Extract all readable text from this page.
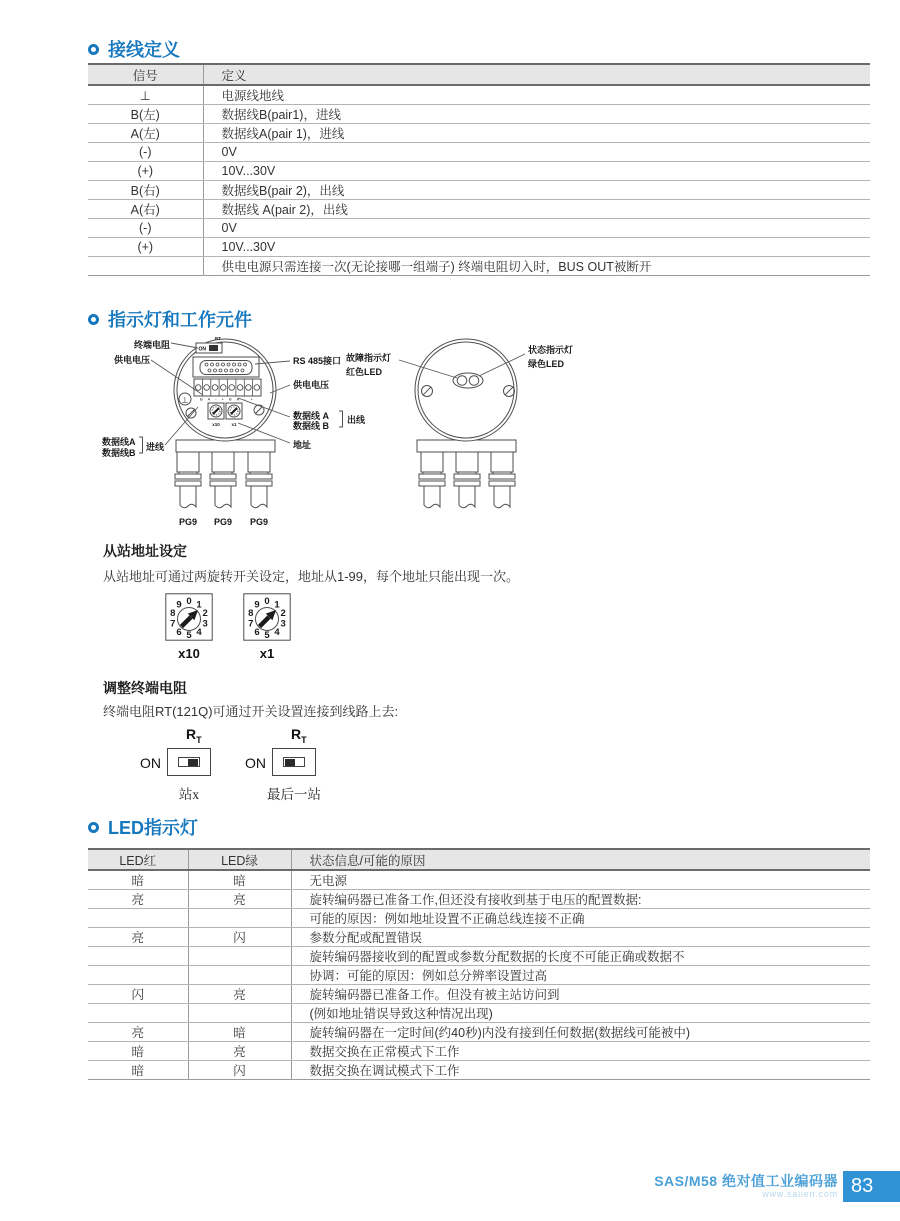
接线定义
信号	定义
⊥	电源线地线
B(左)	数据线B(pair1)，进线
A(左)	数据线A(pair 1)，进线
(-)	0V
(+)	10V...30V
B(右)	数据线B(pair 2)，出线
A(右)	数据线 A(pair 2)，出线
(-)	0V
(+)	10V...30V
	供电电源只需连接一次(无论接哪一组端子) 终端电阻切入时，BUS OUT被断开
指示灯和工作元件
RT
ON
B A - + B A - +
x10	x1
⊥
终端电阻
供电电压	RS 485接口
供电电压
数据线 A
数据线 B
出线
地址
数据线A
数据线B
进线
PG9 PG9 PG9
故障指示灯
红色LED
状态指示灯
绿色LED
从站地址设定
从站地址可通过两旋转开关设定，地址从1-99，每个地址只能出现一次。
0 1
2
3
4
5
6
7
8
9
x10
0 1
2
3
4
5
6
7
8
9
x1
调整终端电阻
终端电阻RT(121Q)可通过开关设置连接到线路上去:
$R_T$
ON
站x
$R_T$
ON
最后一站
LED指示灯
LED红	LED绿	状态信息/可能的原因
暗	暗	无电源
亮	亮	旋转编码器已准备工作,但还没有接收到基于电压的配置数据:
		可能的原因：例如地址设置不正确总线连接不正确
亮	闪	参数分配或配置错误
		旋转编码器接收到的配置或参数分配数据的长度不可能正确或数据不
		协调：可能的原因：例如总分辨率设置过高
闪	亮	旋转编码器已准备工作。但没有被主站访问到
		(例如地址错误导致这种情况出现)
亮	暗	旋转编码器在一定时间(约40秒)内没有接到任何数据(数据线可能被中)
暗	亮	数据交换在正常模式下工作
暗	闪	数据交换在调试模式下工作
SAS/M58 绝对值工业编码器
www.saiien.com 83
